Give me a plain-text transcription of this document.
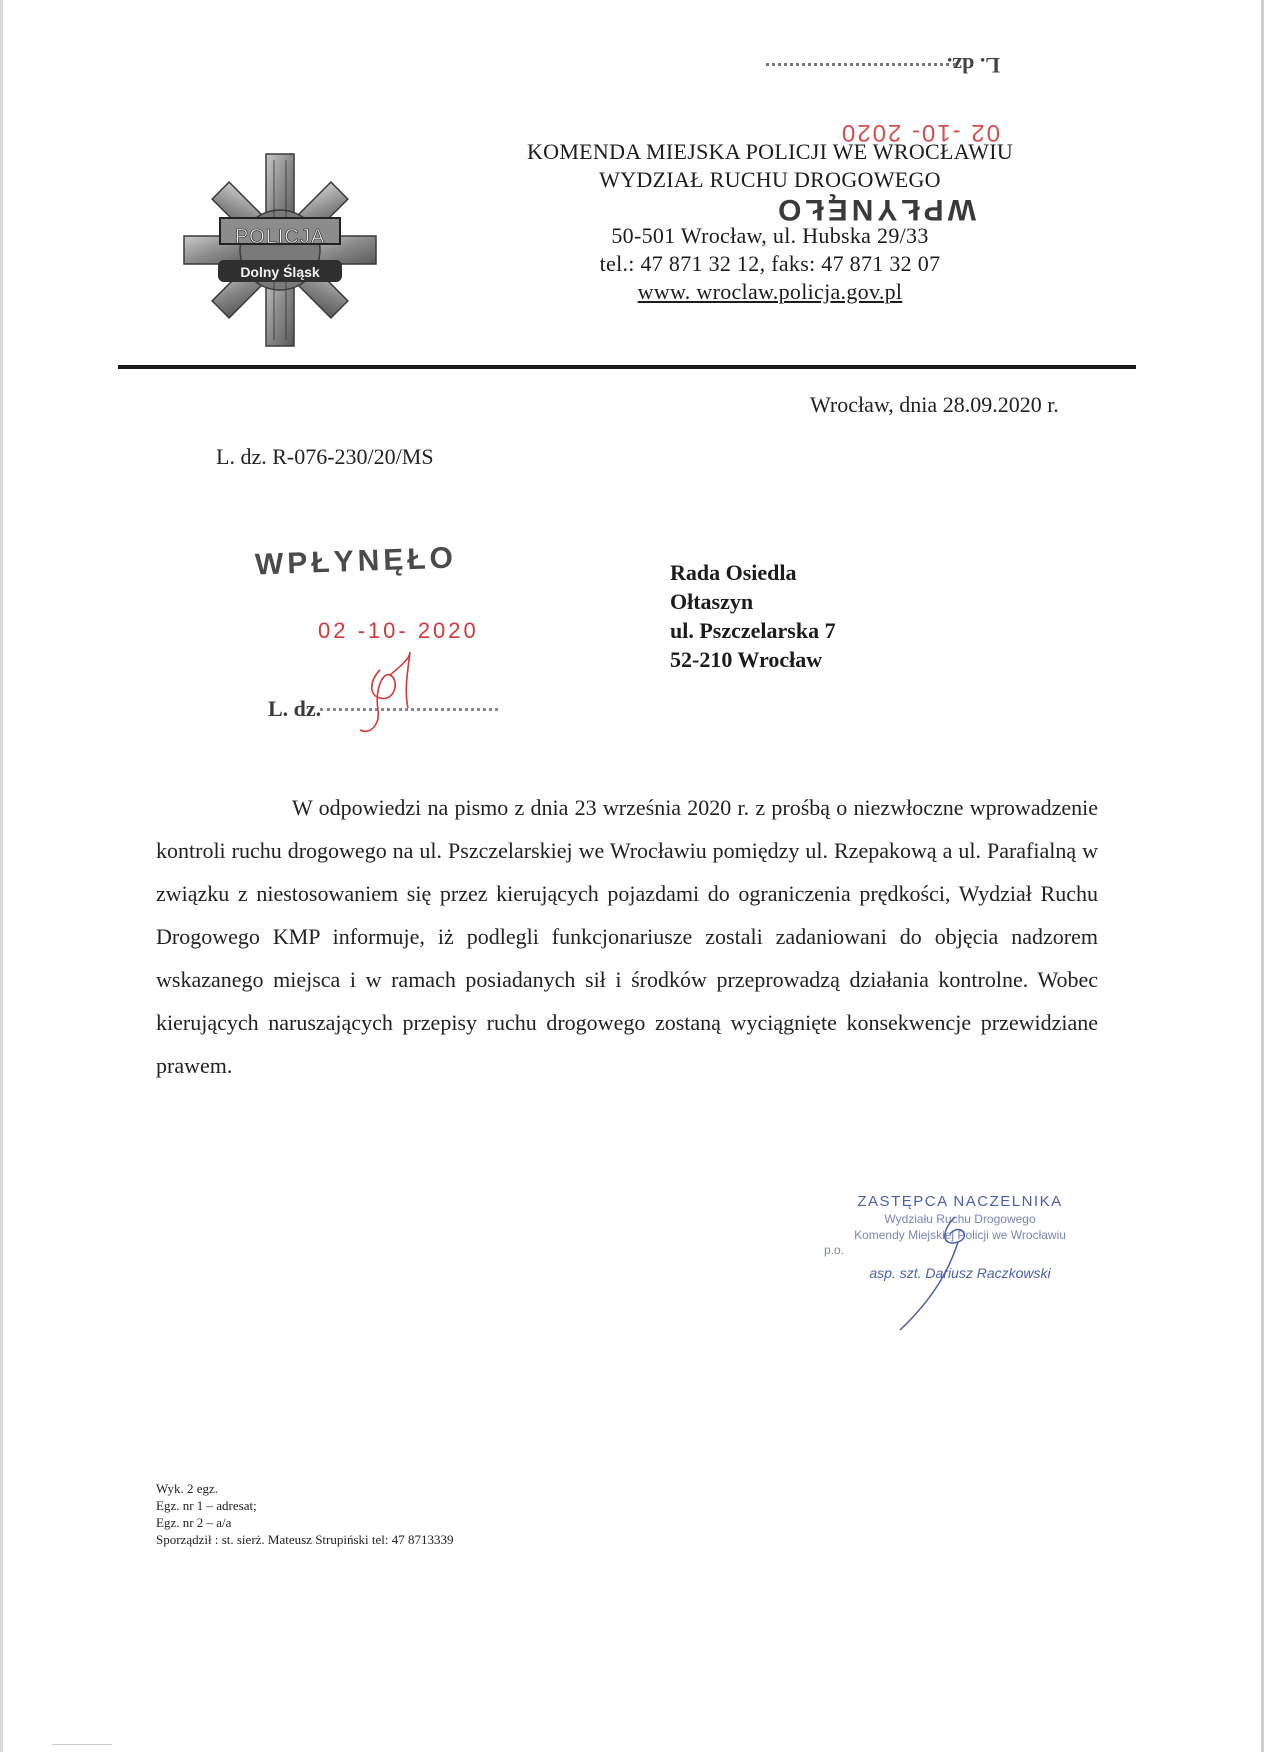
L. dz.
POLICJA
Dolny Śląsk
02 -10- 2020
KOMENDA MIEJSKA POLICJI WE WROCŁAWIU
WYDZIAŁ RUCHU DROGOWEGO
50-501 Wrocław, ul. Hubska 29/33
tel.: 47 871 32 12, faks: 47 871 32 07
www. wroclaw.policja.gov.pl
WPŁYNĘŁO
Wrocław, dnia 28.09.2020 r.
L. dz. R-076-230/20/MS
WPŁYNĘŁO
02 -10- 2020
L. dz.
Rada Osiedla
Ołtaszyn
ul. Pszczelarska 7
52-210 Wrocław

W odpowiedzi na pismo z dnia 23 września 2020 r. z prośbą o niezwłoczne wprowadzenie kontroli ruchu drogowego na ul. Pszczelarskiej we Wrocławiu pomiędzy ul. Rzepakową a ul. Parafialną w związku z niestosowaniem się przez kierujących pojazdami do ograniczenia prędkości, Wydział Ruchu Drogowego KMP informuje, iż podlegli funkcjonariusze zostali zadaniowani do objęcia nadzorem wskazanego miejsca i w ramach posiadanych sił i środków przeprowadzą działania kontrolne. Wobec kierujących naruszających przepisy ruchu drogowego zostaną wyciągnięte konsekwencje przewidziane prawem.

ZASTĘPCA NACZELNIKA
Wydziału Ruchu Drogowego
Komendy Miejskiej Policji we Wrocławiu
p.o.
asp. szt. Dariusz Raczkowski
Wyk. 2 egz.
Egz. nr 1 – adresat;
Egz. nr 2 – a/a
Sporządził : st. sierż. Mateusz Strupiński tel: 47 8713339
